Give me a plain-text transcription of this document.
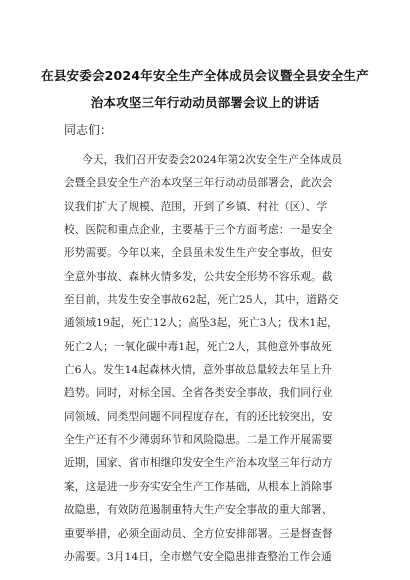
在县安委会2024年安全生产全体成员会议暨全县安全生产
治本攻坚三年行动动员部署会议上的讲话
同志们：
今天，我们召开安委会2024年第2次安全生产全体成员
会暨全县安全生产治本攻坚三年行动动员部署会，此次会
议我们扩大了规模、范围，开到了乡镇、村社（区）、学
校、医院和重点企业，主要基于三个方面考虑：一是安全
形势需要。今年以来，全县虽未发生生产安全事故，但安
全意外事故、森林火情多发，公共安全形势不容乐观。截
至目前，共发生安全事故62起，死亡25人，其中，道路交
通领域19起，死亡12人；高坠3起，死亡3人；伐木1起，
死亡2人；一氧化碳中毒1起，死亡2人，其他意外事故死
亡6人。发生14起森林火情，意外事故总量较去年呈上升
趋势。同时，对标全国、全省各类安全事故，我们同行业
同领域、同类型问题不同程度存在，有的还比较突出，安
全生产还有不少薄弱环节和风险隐患。二是工作开展需要
近期，国家、省市相继印发安全生产治本攻坚三年行动方
案，这是进一步夯实安全生产工作基础，从根本上消除事
故隐患，有效防范遏制重特大生产安全事故的重大部署、
重要举措，必须全面动员、全方位安排部署。三是督查督
办需要。3月14日，全市燃气安全隐患排查整治工作会通
